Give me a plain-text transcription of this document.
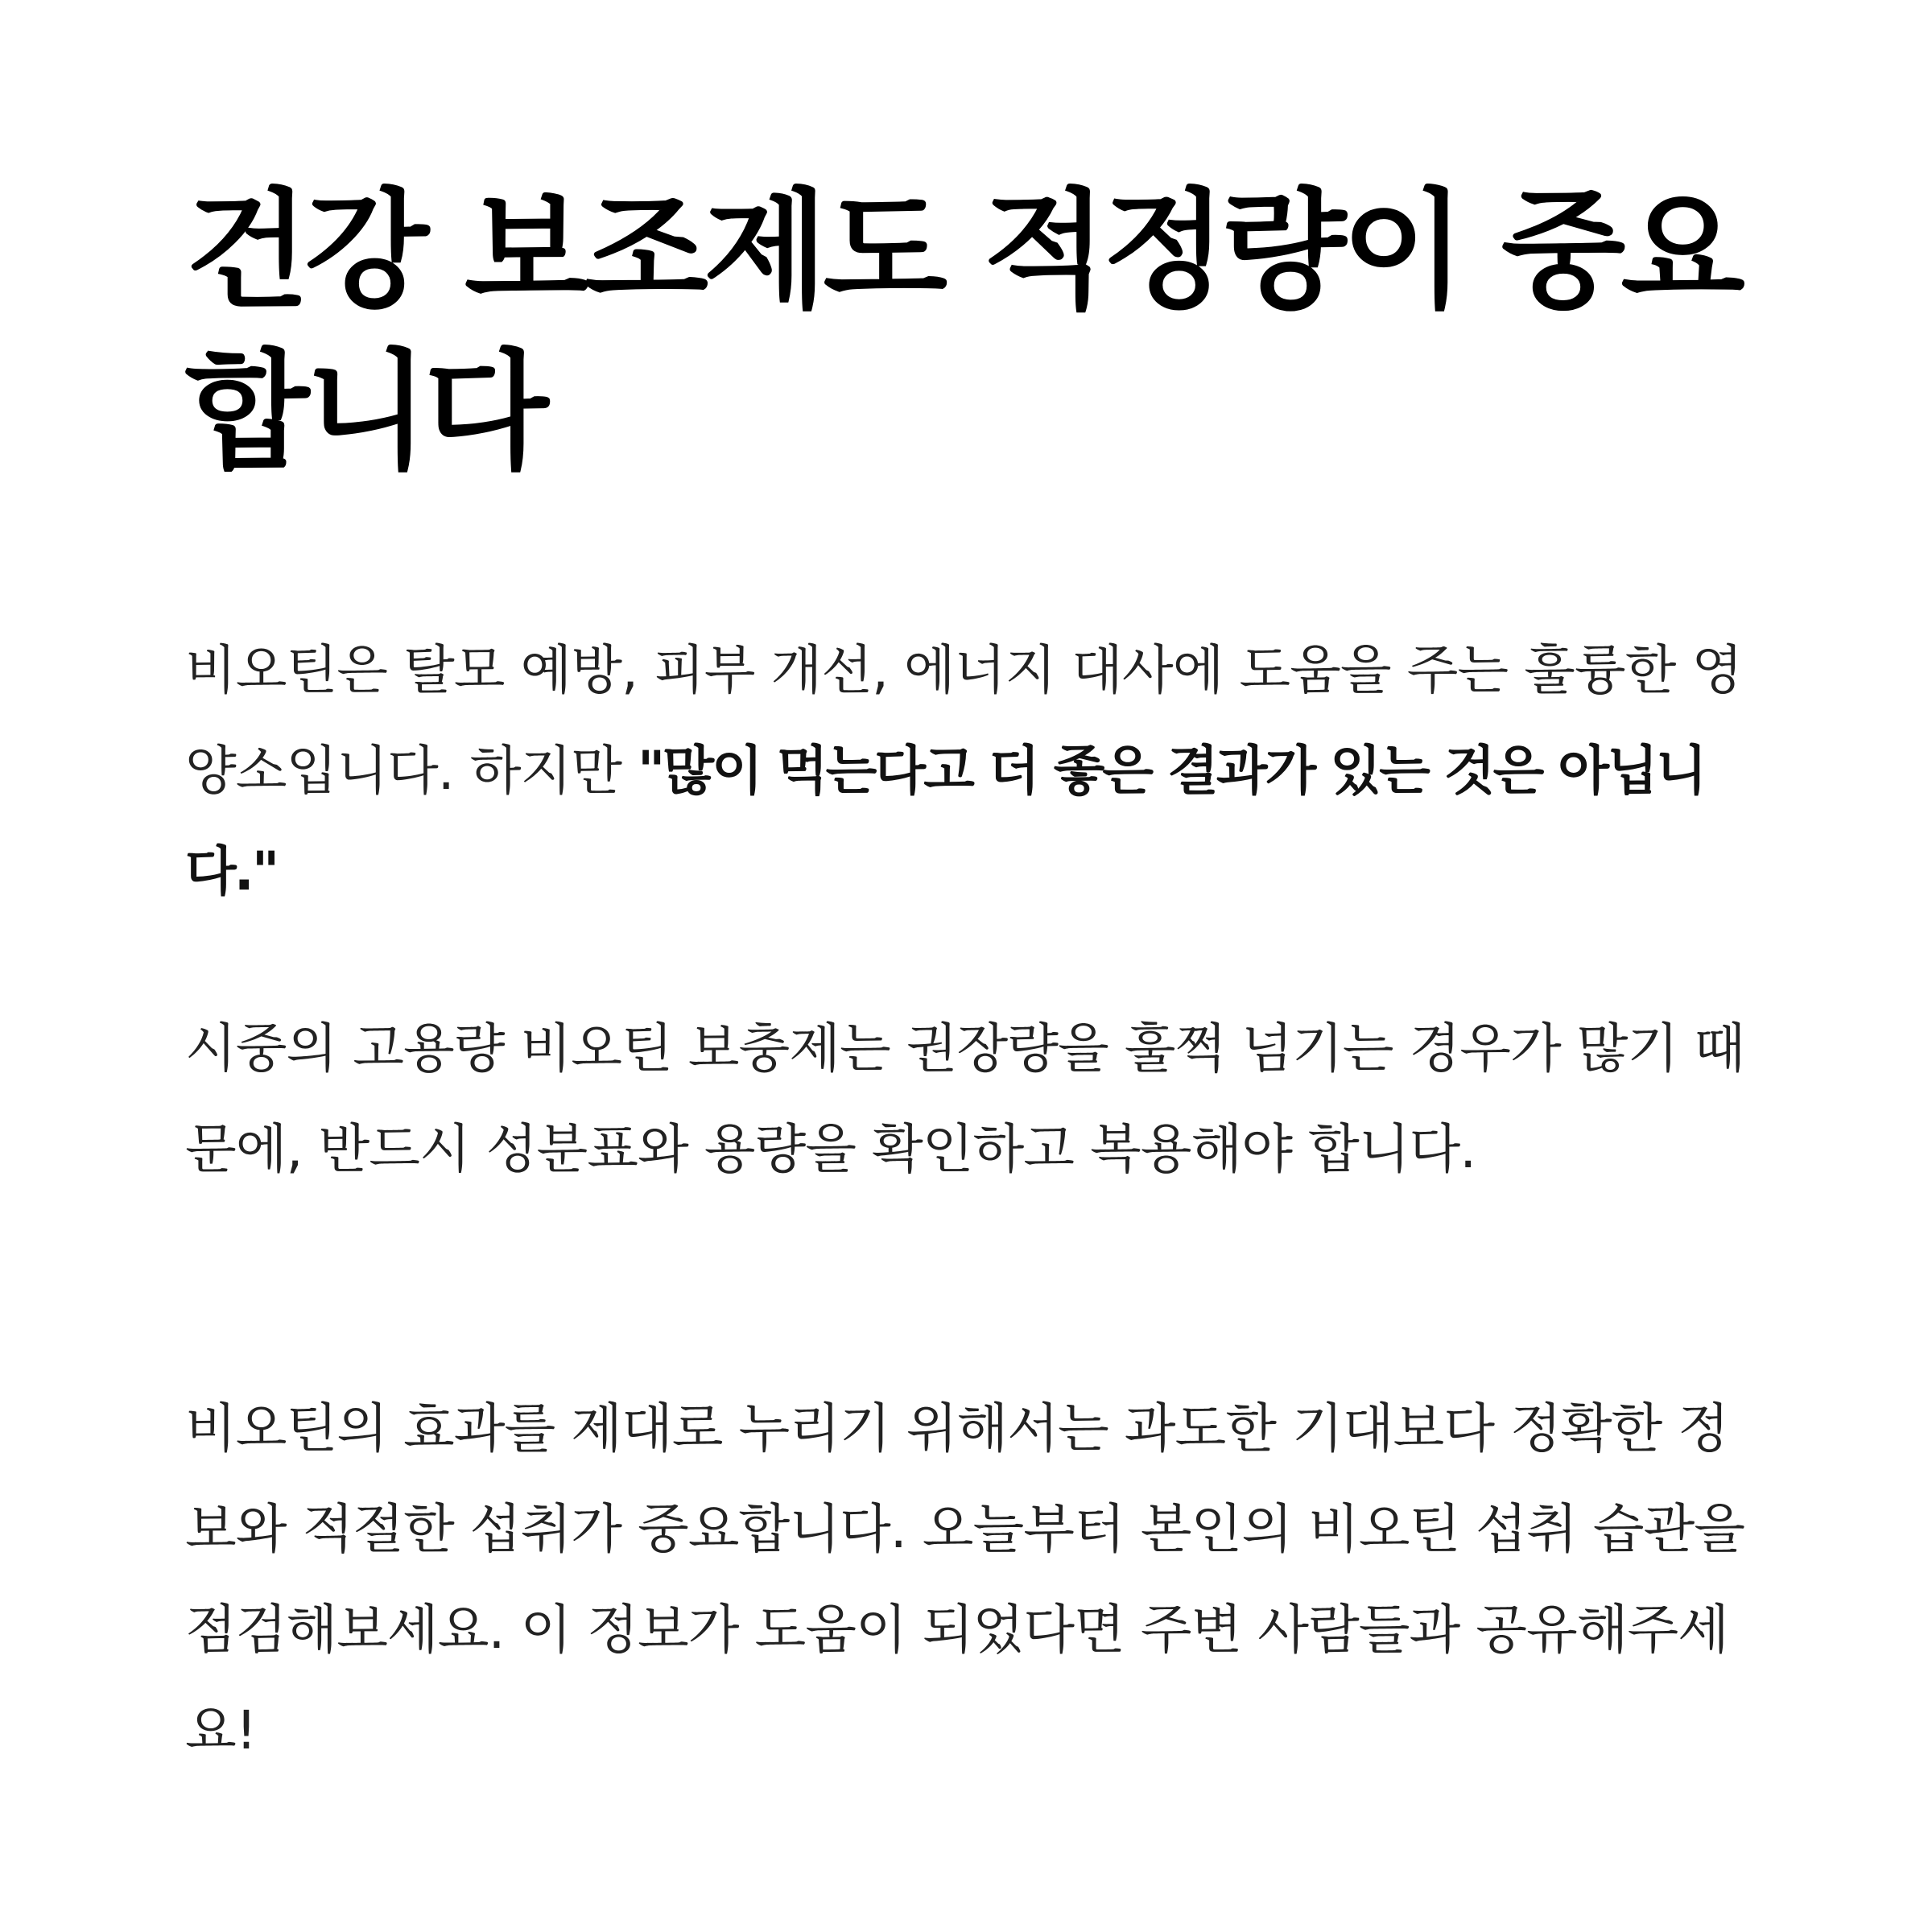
건강 보조제도 적정량이 중요합니다

비오틴은 탈모 예방, 피부 개선, 에너지 대사에 도움을 주는 훌륭한 영양소입니다. 하지만 "많이 먹는다고 더 좋은 결과가 있는 것은 아닙니다."

시중의 고용량 비오틴 보충제는 권장량을 훌쩍 넘기는 경우가 많기 때문에, 반드시 성분표와 용량을 확인하고 복용해야 합니다.

비오틴의 효과를 제대로 누리기 위해서는 과도한 기대보다 정확한 정보와 적절한 섭취가 중요합니다. 오늘부터 본인의 비오틴 섭취 습관을 점검해보세요. 이 정보가 도움이 되었다면 주변 사람들과 공유해주세요!
